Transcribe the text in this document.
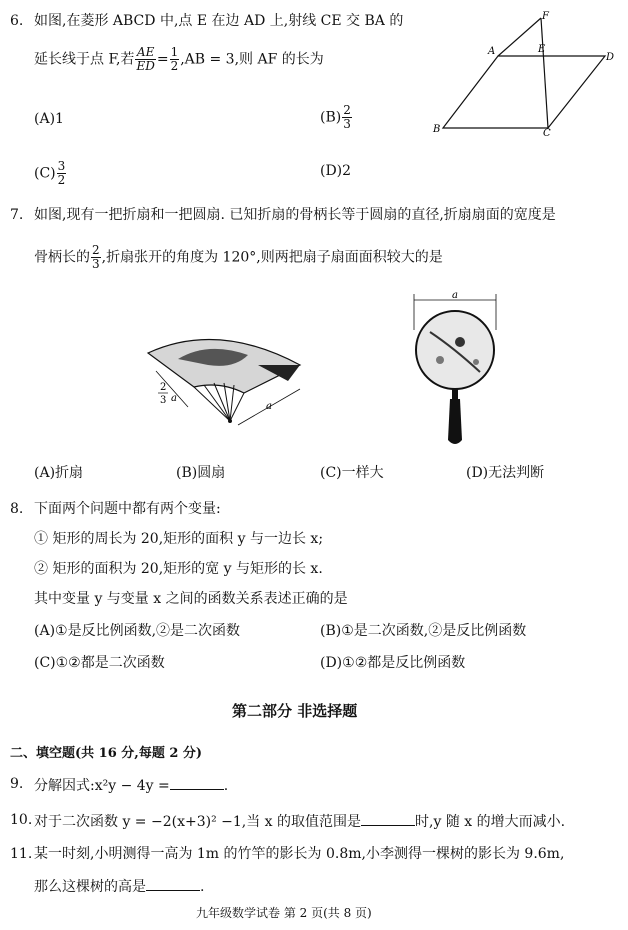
6. 如图,在菱形 ABCD 中,点 E 在边 AD 上,射线 CE 交 BA 的
延长线于点 F,若 $\frac{AE}{ED} = \frac{1}{2} ,AB = 3$,则 AF 的长为
(A)1	$(B) \frac{2}{3}$
$(C) \frac{3}{2}$	(D)2
F
A	E
D
B	C
7. 如图,现有一把折扇和一把圆扇. 已知折扇的骨柄长等于圆扇的直径,折扇扇面的宽度是
骨柄长的 $\frac{2}{3}$ ,折扇张开的角度为 120°,则两把扇子扇面面积较大的是
2
3 a
a
a
(A)折扇	(B)圆扇	(C)一样大	(D)无法判断
8. 下面两个问题中都有两个变量:
① 矩形的周长为 20,矩形的面积 y 与一边长 x;
② 矩形的面积为 20,矩形的宽 y 与矩形的长 x.
其中变量 y 与变量 x 之间的函数关系表述正确的是
(A)①是反比例函数,②是二次函数	(B)①是二次函数,②是反比例函数
(C)①②都是二次函数	(D)①②都是反比例函数
第二部分 非选择题
二、填空题(共 16 分,每题 2 分)
9. 分解因式:x²y − 4y =	.
10. 对于二次函数 y = −2(x+3)² −1,当 x 的取值范围是	时,y 随 x 的增大而减小.
11. 某一时刻,小明测得一高为 1m 的竹竿的影长为 0.8m,小李测得一棵树的影长为 9.6m,
那么这棵树的高是	.
九年级数学试卷 第 2 页(共 8 页)
